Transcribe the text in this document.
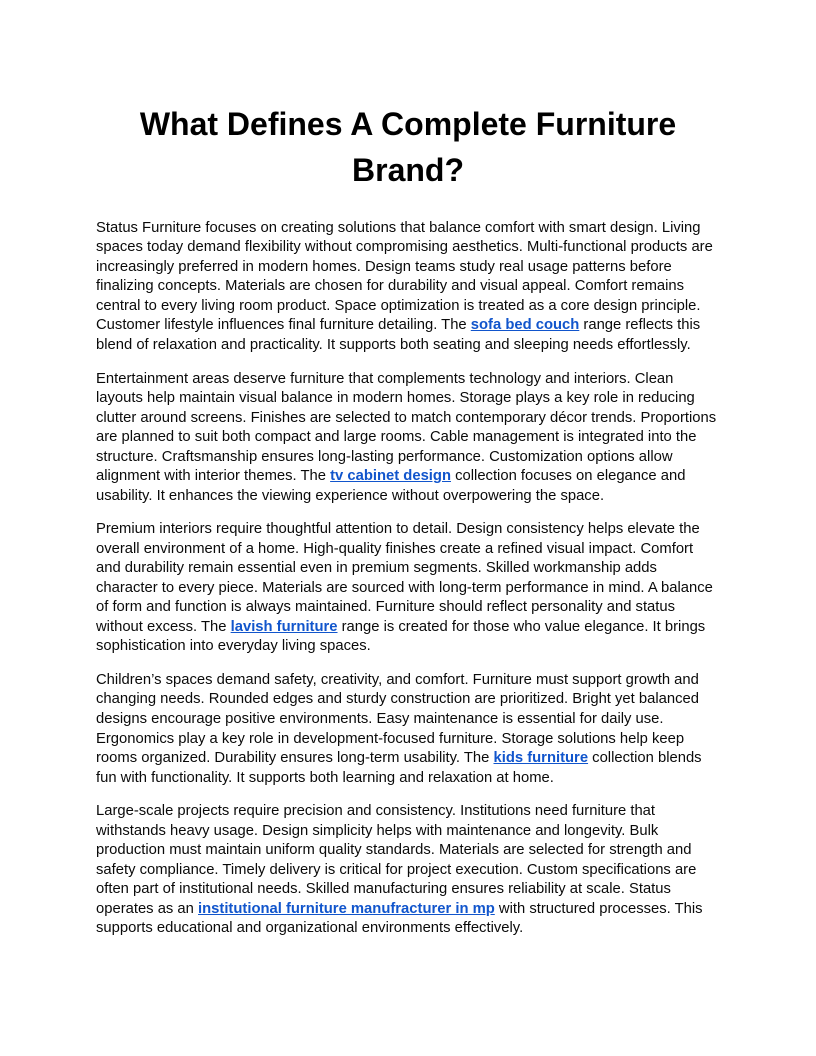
What Defines A Complete Furniture Brand?

Status Furniture focuses on creating solutions that balance comfort with smart design. Living spaces today demand flexibility without compromising aesthetics. Multi-functional products are increasingly preferred in modern homes. Design teams study real usage patterns before finalizing concepts. Materials are chosen for durability and visual appeal. Comfort remains central to every living room product. Space optimization is treated as a core design principle. Customer lifestyle influences final furniture detailing. The sofa bed couch range reflects this blend of relaxation and practicality. It supports both seating and sleeping needs effortlessly.

Entertainment areas deserve furniture that complements technology and interiors. Clean layouts help maintain visual balance in modern homes. Storage plays a key role in reducing clutter around screens. Finishes are selected to match contemporary décor trends. Proportions are planned to suit both compact and large rooms. Cable management is integrated into the structure. Craftsmanship ensures long-lasting performance. Customization options allow alignment with interior themes. The tv cabinet design collection focuses on elegance and usability. It enhances the viewing experience without overpowering the space.

Premium interiors require thoughtful attention to detail. Design consistency helps elevate the overall environment of a home. High-quality finishes create a refined visual impact. Comfort and durability remain essential even in premium segments. Skilled workmanship adds character to every piece. Materials are sourced with long-term performance in mind. A balance of form and function is always maintained. Furniture should reflect personality and status without excess. The lavish furniture range is created for those who value elegance. It brings sophistication into everyday living spaces.

Children’s spaces demand safety, creativity, and comfort. Furniture must support growth and changing needs. Rounded edges and sturdy construction are prioritized. Bright yet balanced designs encourage positive environments. Easy maintenance is essential for daily use. Ergonomics play a key role in development-focused furniture. Storage solutions help keep rooms organized. Durability ensures long-term usability. The kids furniture collection blends fun with functionality. It supports both learning and relaxation at home.

Large-scale projects require precision and consistency. Institutions need furniture that withstands heavy usage. Design simplicity helps with maintenance and longevity. Bulk production must maintain uniform quality standards. Materials are selected for strength and safety compliance. Timely delivery is critical for project execution. Custom specifications are often part of institutional needs. Skilled manufacturing ensures reliability at scale. Status operates as an institutional furniture manufracturer in mp with structured processes. This supports educational and organizational environments effectively.
